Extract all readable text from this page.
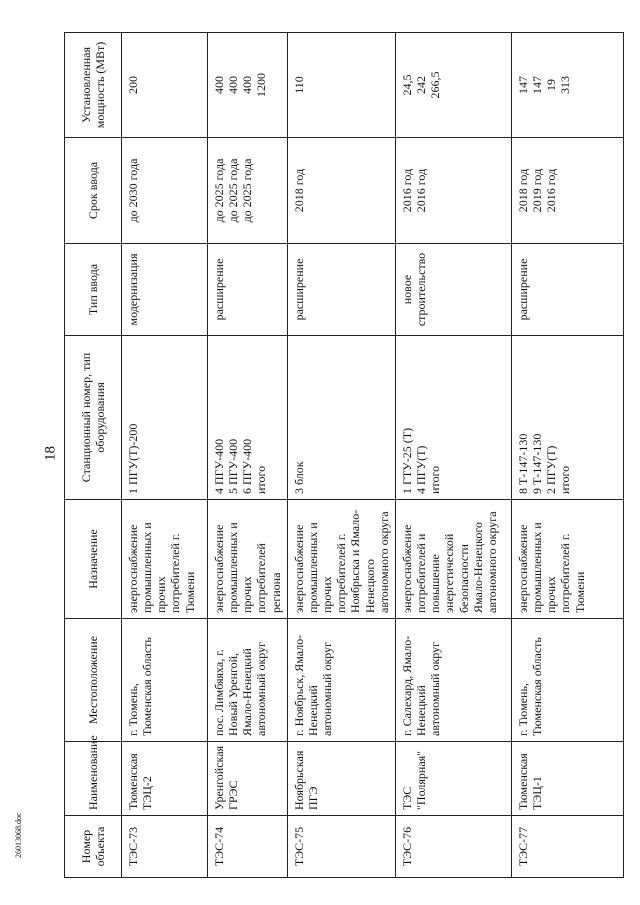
18
26013068.doc	Номер объекта	Наименование	Местоположение	Назначение	Станционный номер, тип оборудования	Тип ввода	Срок ввода	Установленная мощность (МВт)
ТЭС-73	Тюменская ТЭЦ-2	г. Тюмень, Тюменская область	энергоснабжение промышленных и прочих потребителей г. Тюмени	1 ПГУ(Т)-200	модернизация	до 2030 года	200

ТЭС-74	Уренгойская ГРЭС	пос. Лимбяяха, г. Новый Уренгой, Ямало-Ненецкий автономный округ	энергоснабжение промышленных и прочих потребителей региона	4 ПГУ-400 5 ПГУ-400 6 ПГУ-400 итого	расширение	до 2025 года до 2025 года до 2025 года	400 400 400 1200

ТЭС-75	Ноябрьская ПГЭ	г. Ноябрьск, Ямало-Ненецкий автономный округ	энергоснабжение промышленных и прочих потребителей г. Ноябрьска и Ямало-Ненецкого автономного округа	3 блок	расширение	2018 год	110

ТЭС-76	ТЭС "Полярная"	г. Салехард, Ямало-Ненецкий автономный округ	энергоснабжение потребителей и повышение энергетической безопасности Ямало-Ненецкого автономного округа	1 ГТУ-25 (Т) 4 ПГУ(Т) итого	новое строительство	2016 год 2016 год	24,5 242 266,5

ТЭС-77	Тюменская ТЭЦ-1	г. Тюмень, Тюменская область	энергоснабжение промышленных и прочих потребителей г. Тюмени	8 Т-147-130 9 Т-147-130 2 ПГУ(Т) итого	расширение	2018 год 2019 год 2016 год	147 147 19 313
